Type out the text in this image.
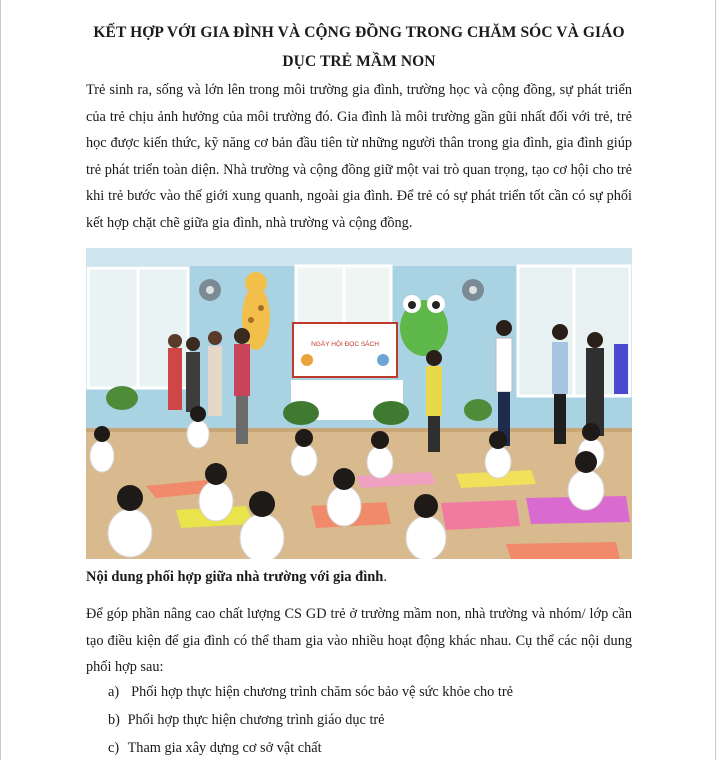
KẾT HỢP VỚI GIA ĐÌNH VÀ CỘNG ĐỒNG TRONG CHĂM SÓC VÀ GIÁO DỤC TRẺ MẦM NON

Trẻ sinh ra, sống và lớn lên trong môi trường gia đình, trường học và cộng đồng, sự phát triển của trẻ chịu ảnh hưởng của môi trường đó. Gia đình là môi trường gần gũi nhất đối với trẻ, trẻ học được kiến thức, kỹ năng cơ bản đầu tiên từ những người thân trong gia đình, gia đình giúp trẻ phát triển toàn diện. Nhà trường và cộng đồng giữ một vai trò quan trọng, tạo cơ hội cho trẻ khi trẻ bước vào thế giới xung quanh, ngoài gia đình. Để trẻ có sự phát triển tốt cần có sự phối kết hợp chặt chẽ giữa gia đình, nhà trường và cộng đồng.

NGÀY HỘI ĐỌC SÁCH

Nội dung phối hợp giữa nhà trường với gia đình.

Để góp phần nâng cao chất lượng CS GD trẻ ở trường mầm non, nhà trường và nhóm/ lớp cần tạo điều kiện để gia đình có thể tham gia vào nhiều hoạt động khác nhau. Cụ thể các nội dung phối hợp sau:

a) Phối hợp thực hiện chương trình chăm sóc bảo vệ sức khỏe cho trẻ
b) Phối hợp thực hiện chương trình giáo dục trẻ
c) Tham gia xây dựng cơ sở vật chất
